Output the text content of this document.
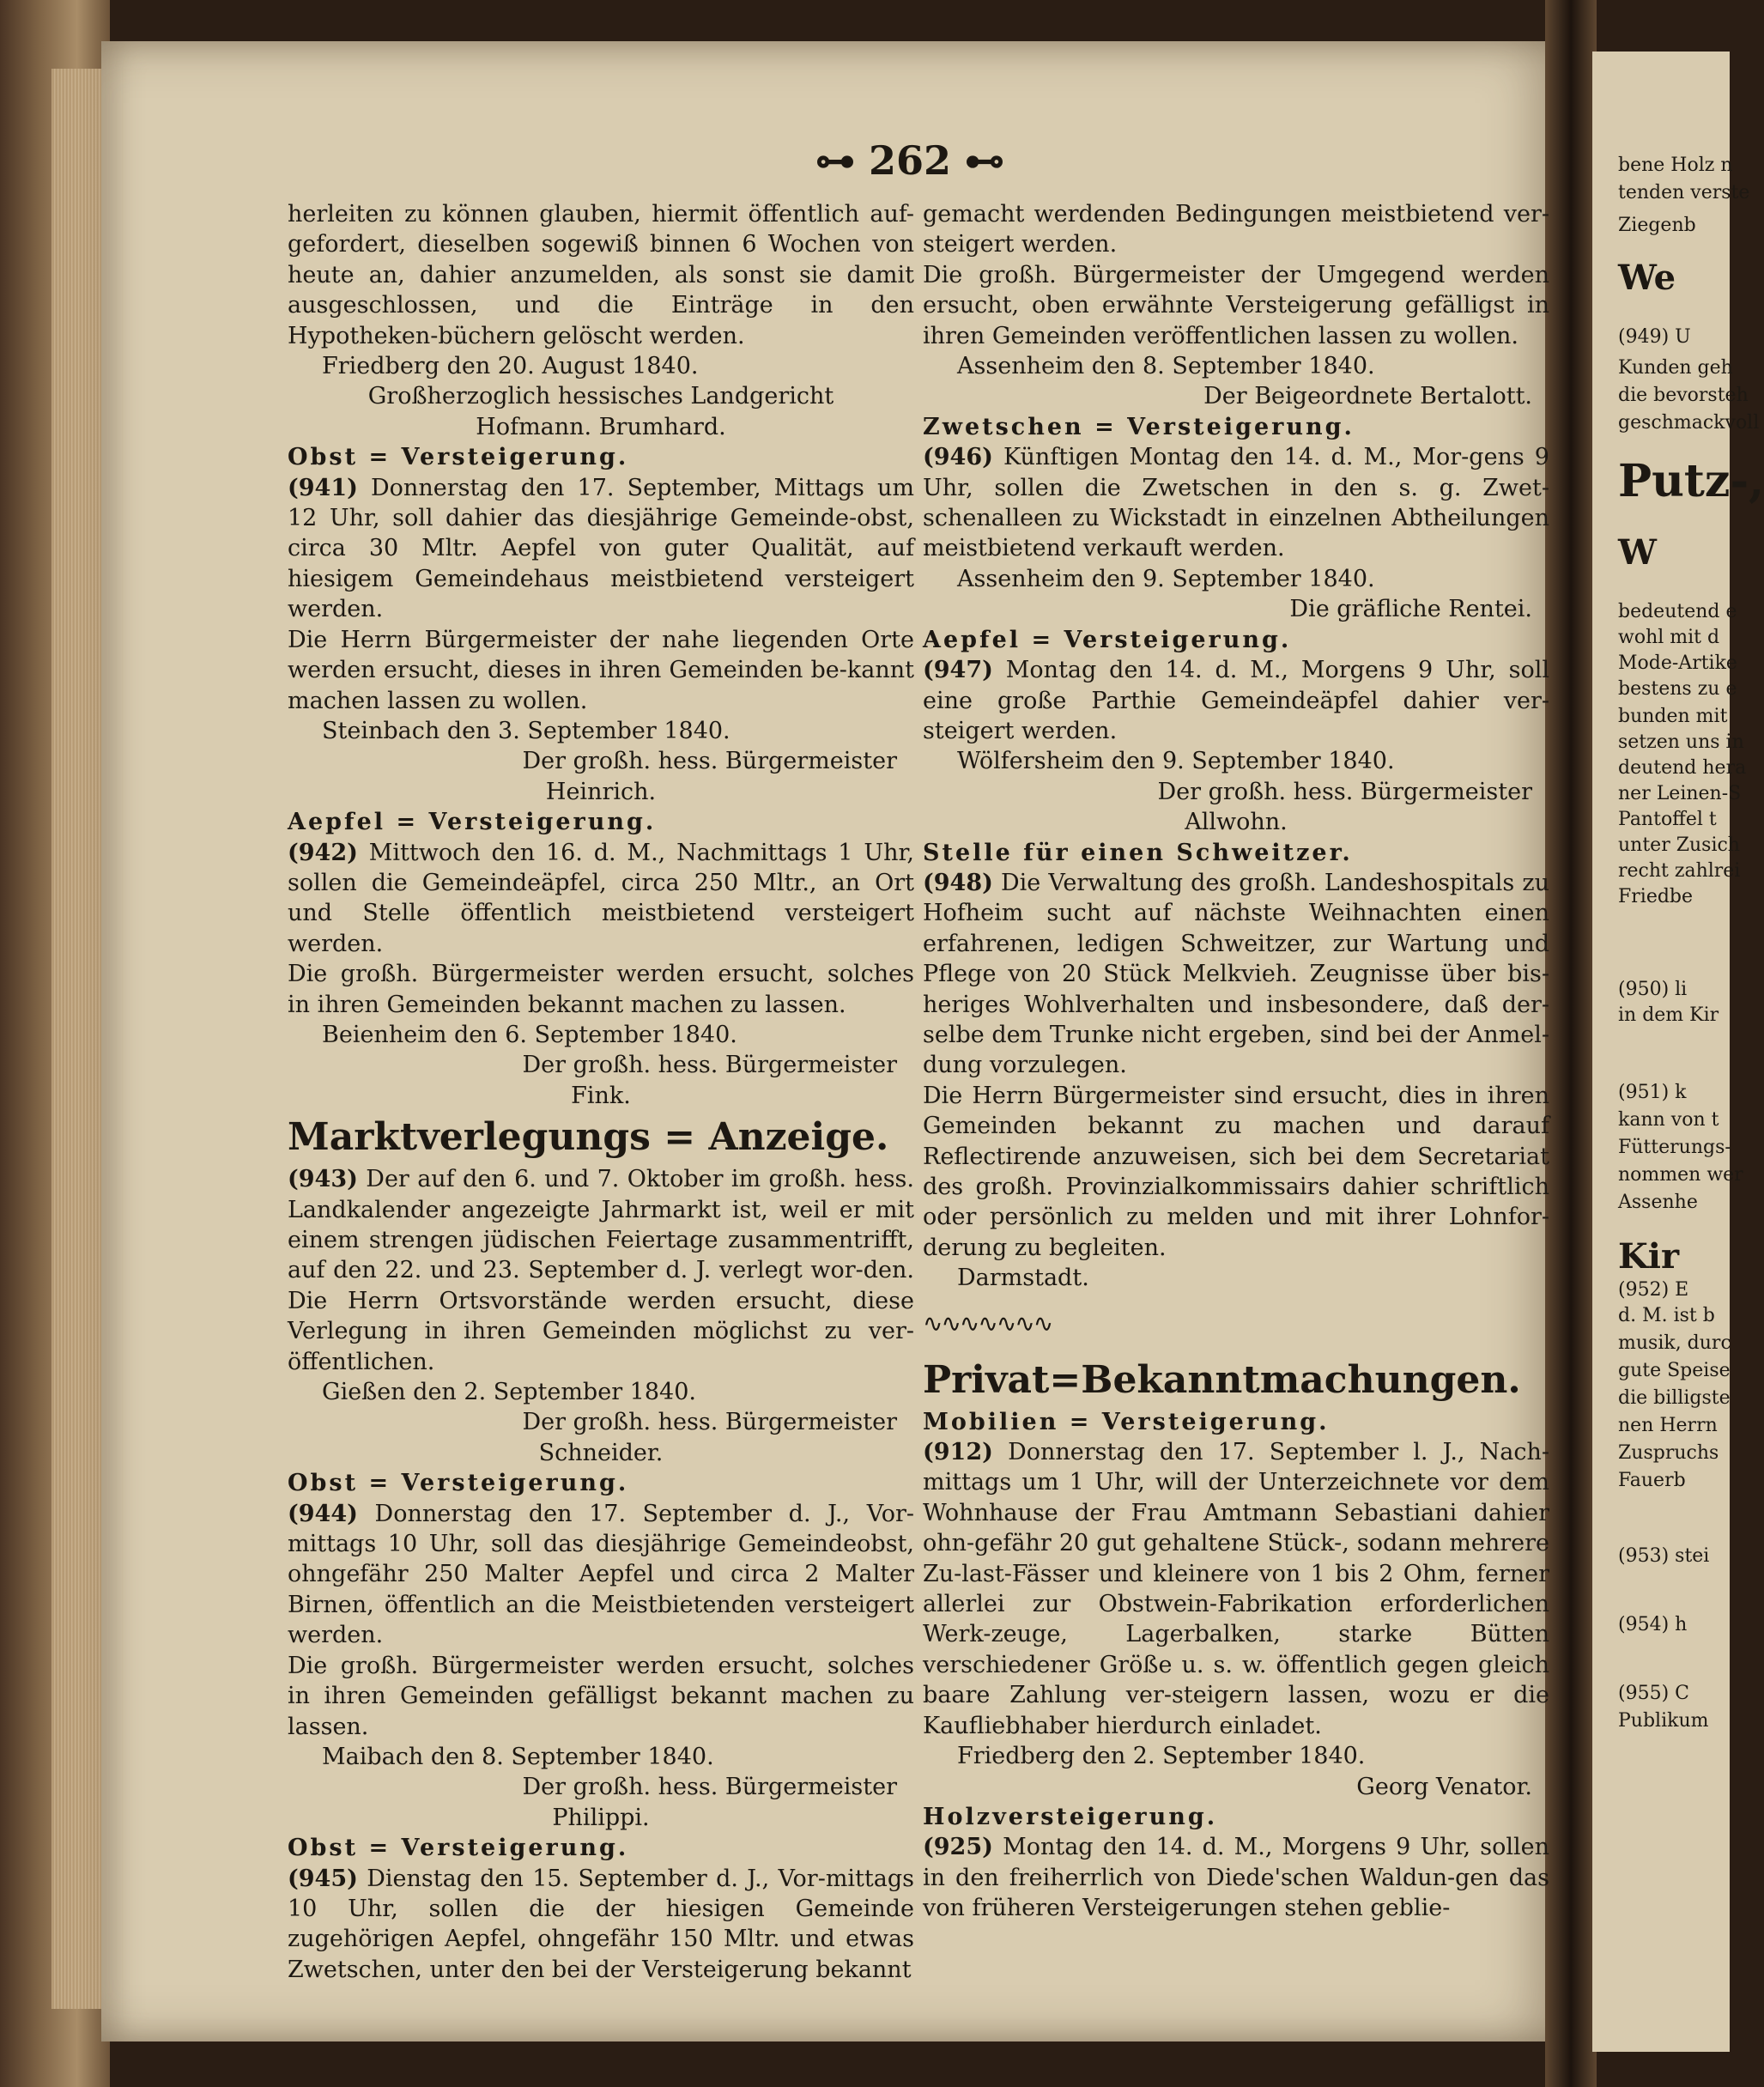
⊶ 262 ⊷

herleiten zu können glauben, hiermit öffentlich auf-gefordert, dieselben sogewiß binnen 6 Wochen von heute an, dahier anzumelden, als sonst sie damit ausgeschlossen, und die Einträge in den Hypotheken-büchern gelöscht werden.

Friedberg den 20. August 1840.

Großherzoglich hessisches Landgericht

Hofmann. Brumhard.

Obst = Versteigerung.

(941) Donnerstag den 17. September, Mittags um 12 Uhr, soll dahier das diesjährige Gemeinde-obst, circa 30 Mltr. Aepfel von guter Qualität, auf hiesigem Gemeindehaus meistbietend versteigert werden.

Die Herrn Bürgermeister der nahe liegenden Orte werden ersucht, dieses in ihren Gemeinden be-kannt machen lassen zu wollen.

Steinbach den 3. September 1840.

Der großh. hess. Bürgermeister

Heinrich.

Aepfel = Versteigerung.

(942) Mittwoch den 16. d. M., Nachmittags 1 Uhr, sollen die Gemeindeäpfel, circa 250 Mltr., an Ort und Stelle öffentlich meistbietend versteigert werden.

Die großh. Bürgermeister werden ersucht, solches in ihren Gemeinden bekannt machen zu lassen.

Beienheim den 6. September 1840.

Der großh. hess. Bürgermeister

Fink.

Marktverlegungs = Anzeige.

(943) Der auf den 6. und 7. Oktober im großh. hess. Landkalender angezeigte Jahrmarkt ist, weil er mit einem strengen jüdischen Feiertage zusammentrifft, auf den 22. und 23. September d. J. verlegt wor-den. Die Herrn Ortsvorstände werden ersucht, diese Verlegung in ihren Gemeinden möglichst zu ver-öffentlichen.

Gießen den 2. September 1840.

Der großh. hess. Bürgermeister

Schneider.

Obst = Versteigerung.

(944) Donnerstag den 17. September d. J., Vor-mittags 10 Uhr, soll das diesjährige Gemeindeobst, ohngefähr 250 Malter Aepfel und circa 2 Malter Birnen, öffentlich an die Meistbietenden versteigert werden.

Die großh. Bürgermeister werden ersucht, solches in ihren Gemeinden gefälligst bekannt machen zu lassen.

Maibach den 8. September 1840.

Der großh. hess. Bürgermeister

Philippi.

Obst = Versteigerung.

(945) Dienstag den 15. September d. J., Vor-mittags 10 Uhr, sollen die der hiesigen Gemeinde zugehörigen Aepfel, ohngefähr 150 Mltr. und etwas Zwetschen, unter den bei der Versteigerung bekannt

gemacht werdenden Bedingungen meistbietend ver-steigert werden.

Die großh. Bürgermeister der Umgegend werden ersucht, oben erwähnte Versteigerung gefälligst in ihren Gemeinden veröffentlichen lassen zu wollen.

Assenheim den 8. September 1840.

Der Beigeordnete Bertalott.

Zwetschen = Versteigerung.

(946) Künftigen Montag den 14. d. M., Mor-gens 9 Uhr, sollen die Zwetschen in den s. g. Zwet-schenalleen zu Wickstadt in einzelnen Abtheilungen meistbietend verkauft werden.

Assenheim den 9. September 1840.

Die gräfliche Rentei.

Aepfel = Versteigerung.

(947) Montag den 14. d. M., Morgens 9 Uhr, soll eine große Parthie Gemeindeäpfel dahier ver-steigert werden.

Wölfersheim den 9. September 1840.

Der großh. hess. Bürgermeister

Allwohn.

Stelle für einen Schweitzer.

(948) Die Verwaltung des großh. Landeshospitals zu Hofheim sucht auf nächste Weihnachten einen erfahrenen, ledigen Schweitzer, zur Wartung und Pflege von 20 Stück Melkvieh. Zeugnisse über bis-heriges Wohlverhalten und insbesondere, daß der-selbe dem Trunke nicht ergeben, sind bei der Anmel-dung vorzulegen.

Die Herrn Bürgermeister sind ersucht, dies in ihren Gemeinden bekannt zu machen und darauf Reflectirende anzuweisen, sich bei dem Secretariat des großh. Provinzialkommissairs dahier schriftlich oder persönlich zu melden und mit ihrer Lohnfor-derung zu begleiten.

Darmstadt.

∿∿∿∿∿∿∿

Privat=Bekanntmachungen.

Mobilien = Versteigerung.

(912) Donnerstag den 17. September l. J., Nach-mittags um 1 Uhr, will der Unterzeichnete vor dem Wohnhause der Frau Amtmann Sebastiani dahier ohn-gefähr 20 gut gehaltene Stück-, sodann mehrere Zu-last-Fässer und kleinere von 1 bis 2 Ohm, ferner allerlei zur Obstwein-Fabrikation erforderlichen Werk-zeuge, Lagerbalken, starke Bütten verschiedener Größe u. s. w. öffentlich gegen gleich baare Zahlung ver-steigern lassen, wozu er die Kaufliebhaber hierdurch einladet.

Friedberg den 2. September 1840.

Georg Venator.

Holzversteigerung.

(925) Montag den 14. d. M., Morgens 9 Uhr, sollen in den freiherrlich von Diede'schen Waldun-gen das von früheren Versteigerungen stehen geblie-

bene Holz n
tenden verste
Ziegenb
We
(949) U
Kunden geh
die bevorsteh
geschmackvoll
Putz-,
W
bedeutend e
wohl mit d
Mode-Artike
bestens zu e
bunden mit
setzen uns in
deutend hera
ner Leinen-S
Pantoffel t
unter Zusich
recht zahlrei
Friedbe
(950) li
in dem Kir
(951) k
kann von t
Fütterungs-
nommen wer
Assenhe
Kir
(952) E
d. M. ist b
musik, durc
gute Speise
die billigste
nen Herrn
Zuspruchs
Fauerb
(953) stei
(954) h
(955) C
Publikum
